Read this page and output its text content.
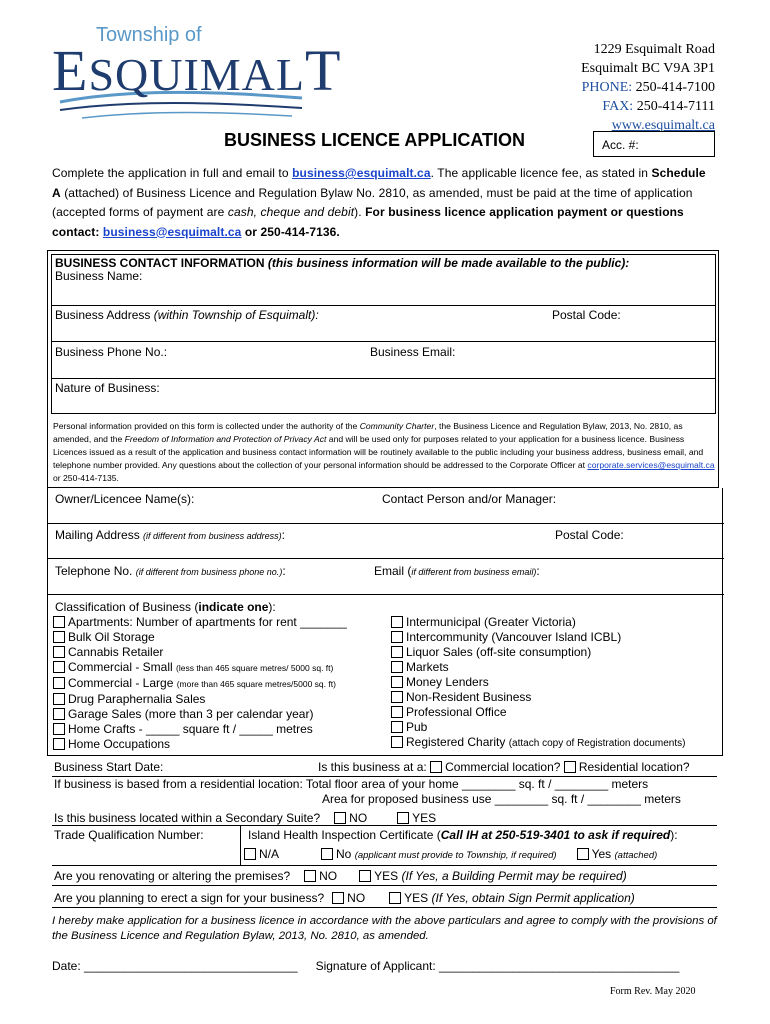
Township of
ESQUIMALT	1229 Esquimalt Road
Esquimalt BC V9A 3P1
PHONE: 250-414-7100
FAX: 250-414-7111
www.esquimalt.ca
BUSINESS LICENCE APPLICATION	Acc. #:
Complete the application in full and email to business@esquimalt.ca. The applicable licence fee, as stated in Schedule A (attached) of Business Licence and Regulation Bylaw No. 2810, as amended, must be paid at the time of application (accepted forms of payment are cash, cheque and debit). For business licence application payment or questions contact: business@esquimalt.ca or 250-414-7136.
BUSINESS CONTACT INFORMATION (this business information will be made available to the public):
Business Name:
Business Address (within Township of Esquimalt):	Postal Code:
Business Phone No.:	Business Email:
Nature of Business:
Personal information provided on this form is collected under the authority of the Community Charter, the Business Licence and Regulation Bylaw, 2013, No. 2810, as amended, and the Freedom of Information and Protection of Privacy Act and will be used only for purposes related to your application for a business licence. Business Licences issued as a result of the application and business contact information will be routinely available to the public including your business address, business email, and telephone number provided. Any questions about the collection of your personal information should be addressed to the Corporate Officer at corporate.services@esquimalt.ca or 250-414-7135.
Owner/Licencee Name(s):	Contact Person and/or Manager:
Mailing Address (if different from business address):	Postal Code:
Telephone No. (if different from business phone no.):	Email (if different from business email):
Classification of Business (indicate one):
Apartments: Number of apartments for rent _______
Bulk Oil Storage
Cannabis Retailer
Commercial - Small (less than 465 square metres/ 5000 sq. ft)
Commercial - Large (more than 465 square metres/5000 sq. ft)
Drug Paraphernalia Sales
Garage Sales (more than 3 per calendar year)
Home Crafts - _____ square ft / _____ metres
Home Occupations
Intermunicipal (Greater Victoria)
Intercommunity (Vancouver Island ICBL)
Liquor Sales (off-site consumption)
Markets
Money Lenders
Non-Resident Business
Professional Office
Pub
Registered Charity (attach copy of Registration documents)
Business Start Date:	Is this business at a: Commercial location? Residential location?
If business is based from a residential location: Total floor area of your home ________ sq. ft / ________ meters
Area for proposed business use ________ sq. ft / ________ meters
Is this business located within a Secondary Suite? NO	YES
Trade Qualification Number:	Island Health Inspection Certificate (Call IH at 250-519-3401 to ask if required):
N/A	No (applicant must provide to Township, if required)	Yes (attached)
Are you renovating or altering the premises? NO	YES (If Yes, a Building Permit may be required)
Are you planning to erect a sign for your business? NO	YES (If Yes, obtain Sign Permit application)
I hereby make application for a business licence in accordance with the above particulars and agree to comply with the provisions of the Business Licence and Regulation Bylaw, 2013, No. 2810, as amended.
Date: ________________________________ Signature of Applicant: ____________________________________
Form Rev. May 2020
